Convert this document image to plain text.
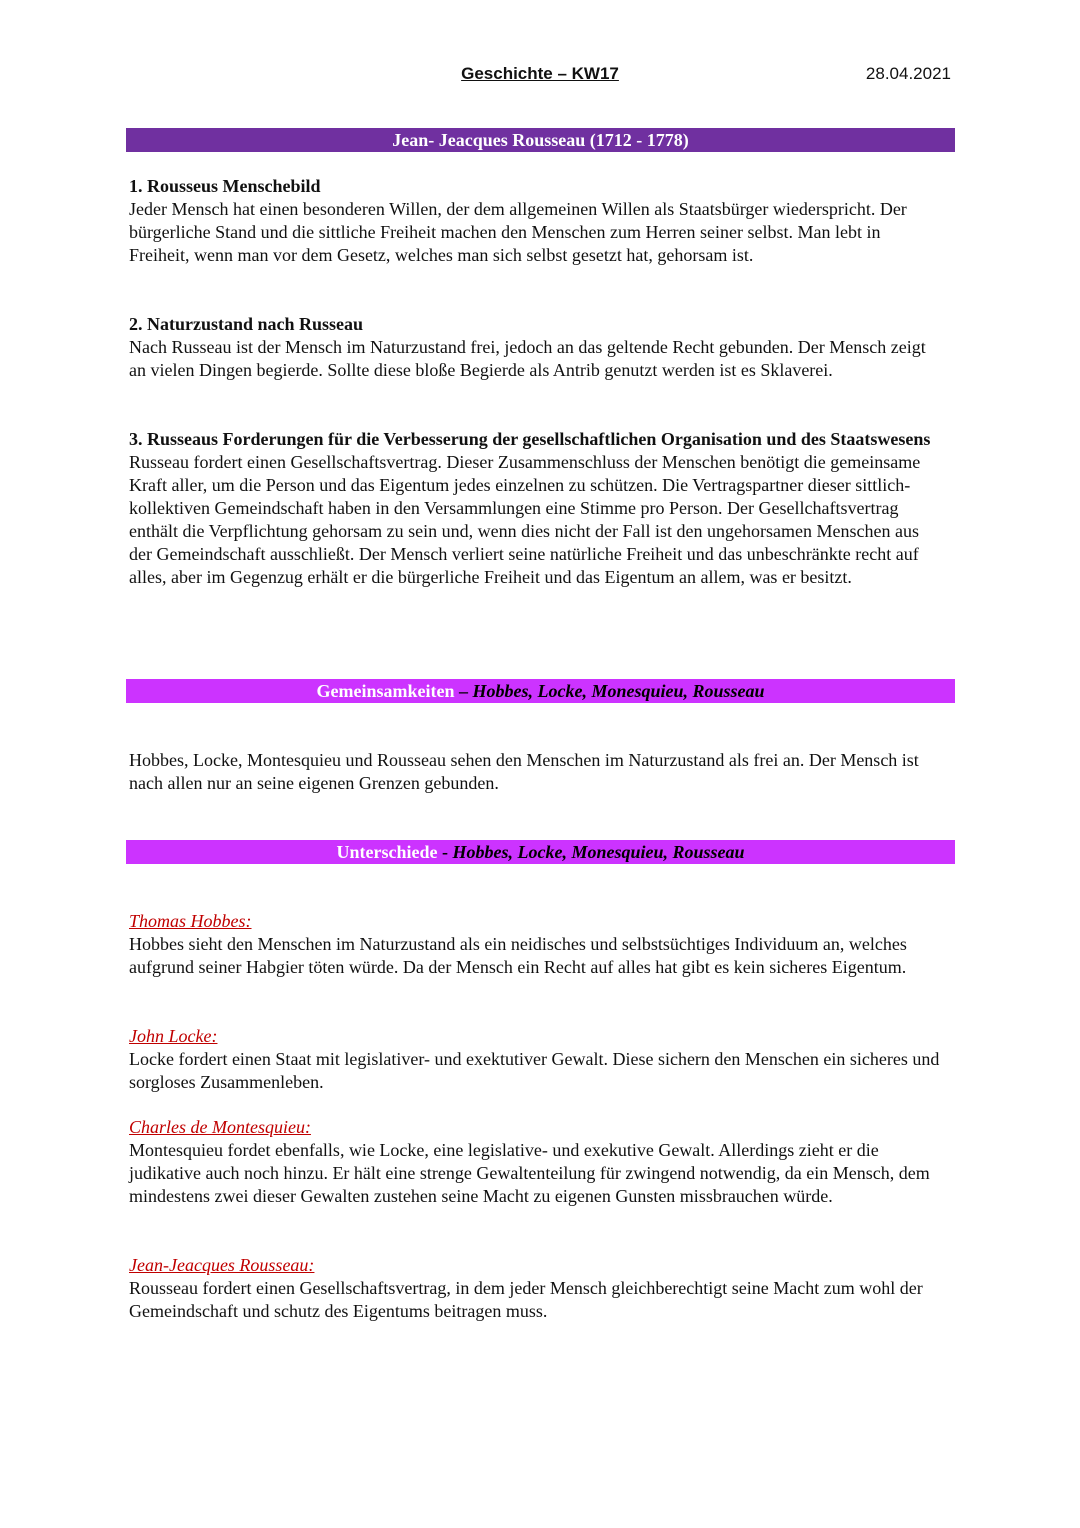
Geschichte – KW17	28.04.2021
Jean- Jeacques Rousseau (1712 - 1778)
1. Rousseus Menschebild

Jeder Mensch hat einen besonderen Willen, der dem allgemeinen Willen als Staatsbürger wiederspricht. Der bürgerliche Stand und die sittliche Freiheit machen den Menschen zum Herren seiner selbst. Man lebt in Freiheit, wenn man vor dem Gesetz, welches man sich selbst gesetzt hat, gehorsam ist.

2. Naturzustand nach Russeau

Nach Russeau ist der Mensch im Naturzustand frei, jedoch an das geltende Recht gebunden. Der Mensch zeigt an vielen Dingen begierde. Sollte diese bloße Begierde als Antrib genutzt werden ist es Sklaverei.

3. Russeaus Forderungen für die Verbesserung der gesellschaftlichen Organisation und des Staatswesens

Russeau fordert einen Gesellschaftsvertrag. Dieser Zusammenschluss der Menschen benötigt die gemeinsame Kraft aller, um die Person und das Eigentum jedes einzelnen zu schützen. Die Vertragspartner dieser sittlich-kollektiven Gemeindschaft haben in den Versammlungen eine Stimme pro Person. Der Gesellchaftsvertrag enthält die Verpflichtung gehorsam zu sein und, wenn dies nicht der Fall ist den ungehorsamen Menschen aus der Gemeindschaft ausschließt. Der Mensch verliert seine natürliche Freiheit und das unbeschränkte recht auf alles, aber im Gegenzug erhält er die bürgerliche Freiheit und das Eigentum an allem, was er besitzt.

Gemeinsamkeiten – Hobbes, Locke, Monesquieu, Rousseau

Hobbes, Locke, Montesquieu und Rousseau sehen den Menschen im Naturzustand als frei an. Der Mensch ist nach allen nur an seine eigenen Grenzen gebunden.

Unterschiede - Hobbes, Locke, Monesquieu, Rousseau
Thomas Hobbes:

Hobbes sieht den Menschen im Naturzustand als ein neidisches und selbstsüchtiges Individuum an, welches aufgrund seiner Habgier töten würde. Da der Mensch ein Recht auf alles hat gibt es kein sicheres Eigentum.

John Locke:

Locke fordert einen Staat mit legislativer- und exektutiver Gewalt. Diese sichern den Menschen ein sicheres und sorgloses Zusammenleben.

Charles de Montesquieu:

Montesquieu fordet ebenfalls, wie Locke, eine legislative- und exekutive Gewalt. Allerdings zieht er die judikative auch noch hinzu. Er hält eine strenge Gewaltenteilung für zwingend notwendig, da ein Mensch, dem mindestens zwei dieser Gewalten zustehen seine Macht zu eigenen Gunsten missbrauchen würde.

Jean-Jeacques Rousseau:

Rousseau fordert einen Gesellschaftsvertrag, in dem jeder Mensch gleichberechtigt seine Macht zum wohl der Gemeindschaft und schutz des Eigentums beitragen muss.
